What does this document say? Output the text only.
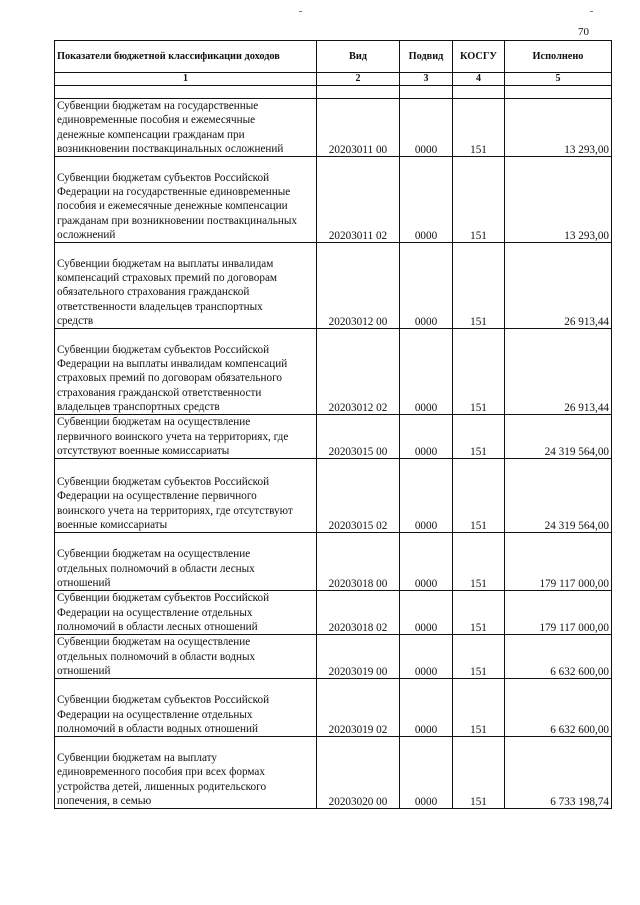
70
Показатели бюджетной классификации доходов	Вид	Подвид	КОСГУ	Исполнено
1	2	3	4	5

Субвенции бюджетам на государственные
единовременные пособия и ежемесячные
денежные компенсации гражданам при
возникновении поствакцинальных осложнений	20203011 00	0000	151	13 293,00

Субвенции бюджетам субъектов Российской
Федерации на государственные единовременные
пособия и ежемесячные денежные компенсации
гражданам при возникновении поствакцинальных
осложнений	20203011 02	0000	151	13 293,00

Субвенции бюджетам на выплаты инвалидам
компенсаций страховых премий по договорам
обязательного страхования гражданской
ответственности владельцев транспортных
средств	20203012 00	0000	151	26 913,44

Субвенции бюджетам субъектов Российской
Федерации на выплаты инвалидам компенсаций
страховых премий по договорам обязательного
страхования гражданской ответственности
владельцев транспортных средств	20203012 02	0000	151	26 913,44

Субвенции бюджетам на осуществление
первичного воинского учета на территориях, где
отсутствуют военные комиссариаты	20203015 00	0000	151	24 319 564,00

Субвенции бюджетам субъектов Российской
Федерации на осуществление первичного
воинского учета на территориях, где отсутствуют
военные комиссариаты	20203015 02	0000	151	24 319 564,00

Субвенции бюджетам на осуществление
отдельных полномочий в области лесных
отношений	20203018 00	0000	151	179 117 000,00

Субвенции бюджетам субъектов Российской
Федерации на осуществление отдельных
полномочий в области лесных отношений	20203018 02	0000	151	179 117 000,00

Субвенции бюджетам на осуществление
отдельных полномочий в области водных
отношений	20203019 00	0000	151	6 632 600,00

Субвенции бюджетам субъектов Российской
Федерации на осуществление отдельных
полномочий в области водных отношений	20203019 02	0000	151	6 632 600,00

Субвенции бюджетам на выплату
единовременного пособия при всех формах
устройства детей, лишенных родительского
попечения, в семью	20203020 00	0000	151	6 733 198,74
